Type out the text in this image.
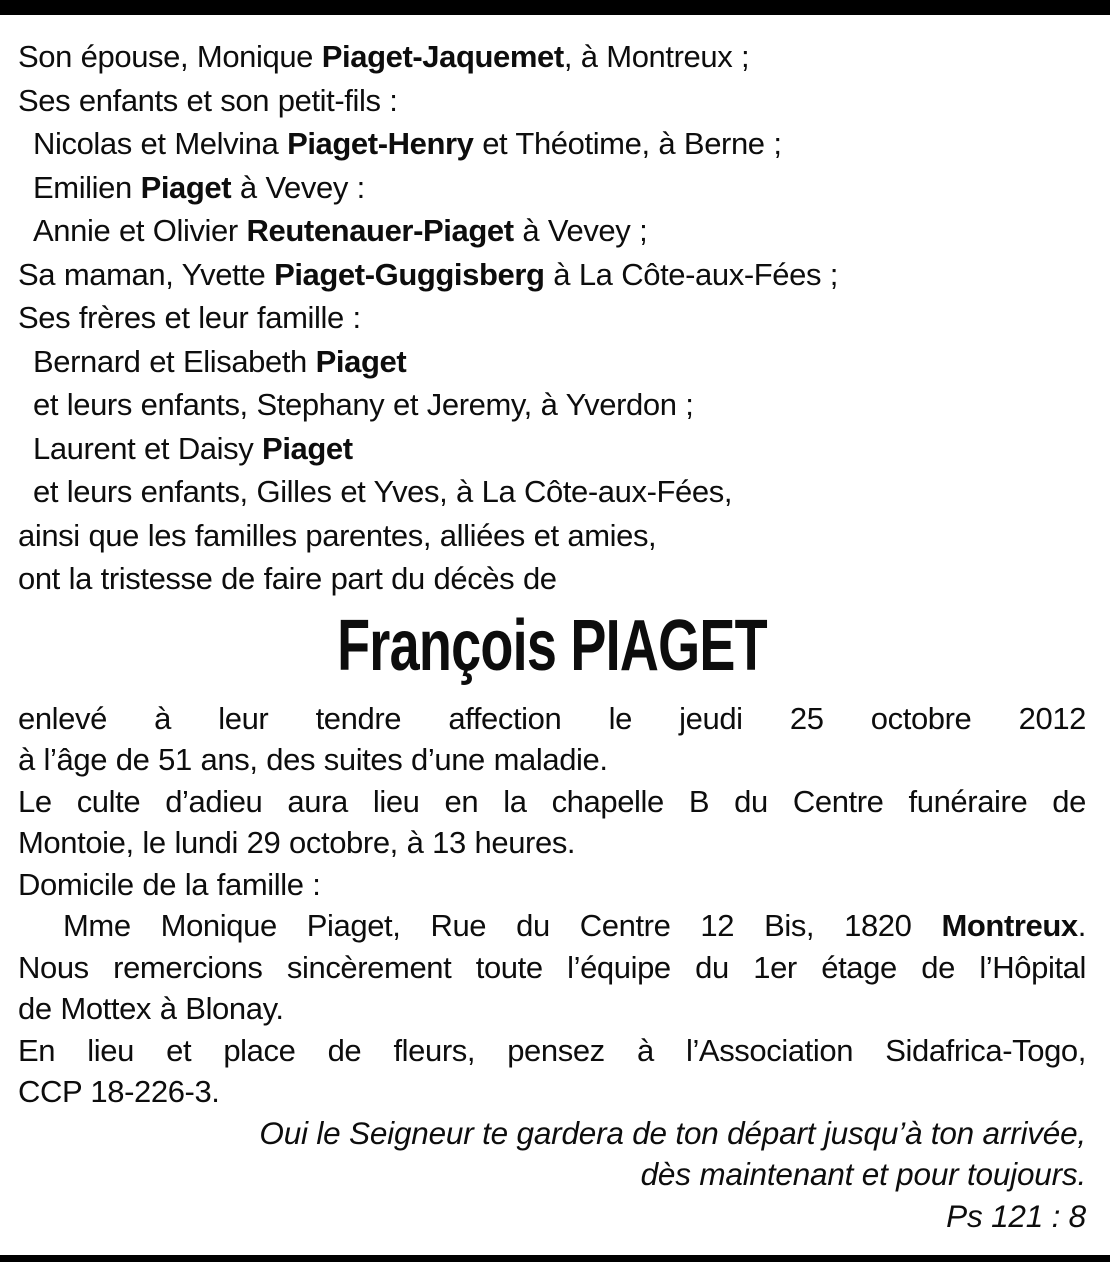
Son épouse, Monique Piaget-Jaquemet, à Montreux ;
Ses enfants et son petit-fils :
Nicolas et Melvina Piaget-Henry et Théotime, à Berne ;
Emilien Piaget à Vevey :
Annie et Olivier Reutenauer-Piaget à Vevey ;
Sa maman, Yvette Piaget-Guggisberg à La Côte-aux-Fées ;
Ses frères et leur famille :
Bernard et Elisabeth Piaget
et leurs enfants, Stephany et Jeremy, à Yverdon ;
Laurent et Daisy Piaget
et leurs enfants, Gilles et Yves, à La Côte-aux-Fées,
ainsi que les familles parentes, alliées et amies,
ont la tristesse de faire part du décès de
François PIAGET
enlevé à leur tendre affection le jeudi 25 octobre 2012
à l’âge de 51 ans, des suites d’une maladie.
Le culte d’adieu aura lieu en la chapelle B du Centre funéraire de
Montoie, le lundi 29 octobre, à 13 heures.
Domicile de la famille :
Mme Monique Piaget, Rue du Centre 12 Bis, 1820 Montreux.
Nous remercions sincèrement toute l’équipe du 1er étage de l’Hôpital
de Mottex à Blonay.
En lieu et place de fleurs, pensez à l’Association Sidafrica-Togo,
CCP 18-226-3.
Oui le Seigneur te gardera de ton départ jusqu’à ton arrivée,
dès maintenant et pour toujours.
Ps 121 : 8
